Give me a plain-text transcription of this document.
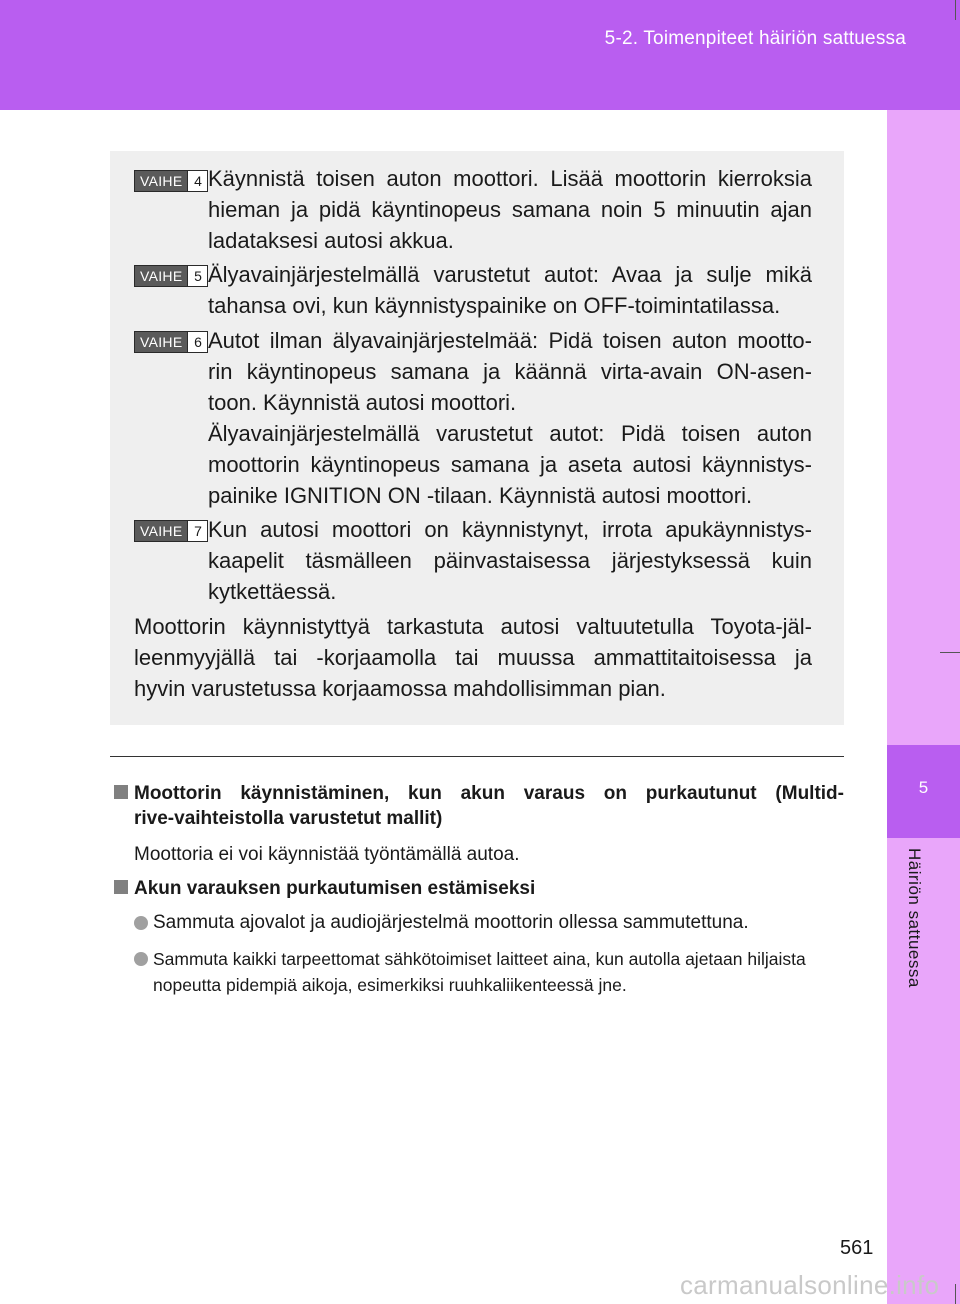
5-2. Toimenpiteet häiriön sattuessa
5
Häiriön sattuessa
VAIHE 4 Käynnistä toisen auton moottori. Lisää moottorin kierroksia
hieman ja pidä käyntinopeus samana noin 5 minuutin ajan
ladataksesi autosi akkua.
VAIHE 5 Älyavainjärjestelmällä varustetut autot: Avaa ja sulje mikä
tahansa ovi, kun käynnistyspainike on OFF-toimintatilassa.
VAIHE 6 Autot ilman älyavainjärjestelmää: Pidä toisen auton mootto-
rin käyntinopeus samana ja käännä virta-avain ON-asen-
toon. Käynnistä autosi moottori.
Älyavainjärjestelmällä varustetut autot: Pidä toisen auton
moottorin käyntinopeus samana ja aseta autosi käynnistys-
painike IGNITION ON -tilaan. Käynnistä autosi moottori.
VAIHE 7 Kun autosi moottori on käynnistynyt, irrota apukäynnistys-
kaapelit täsmälleen päinvastaisessa järjestyksessä kuin
kytkettäessä.
Moottorin käynnistyttyä tarkastuta autosi valtuutetulla Toyota-jäl-
leenmyyjällä tai -korjaamolla tai muussa ammattitaitoisessa ja
hyvin varustetussa korjaamossa mahdollisimman pian.
Moottorin käynnistäminen, kun akun varaus on purkautunut (Multid-
rive-vaihteistolla varustetut mallit)
Moottoria ei voi käynnistää työntämällä autoa.
Akun varauksen purkautumisen estämiseksi
Sammuta ajovalot ja audiojärjestelmä moottorin ollessa sammutettuna.
Sammuta kaikki tarpeettomat sähkötoimiset laitteet aina, kun autolla ajetaan hiljaista nopeutta pidempiä aikoja, esimerkiksi ruuhkaliikenteessä jne.
561
carmanualsonline.info
